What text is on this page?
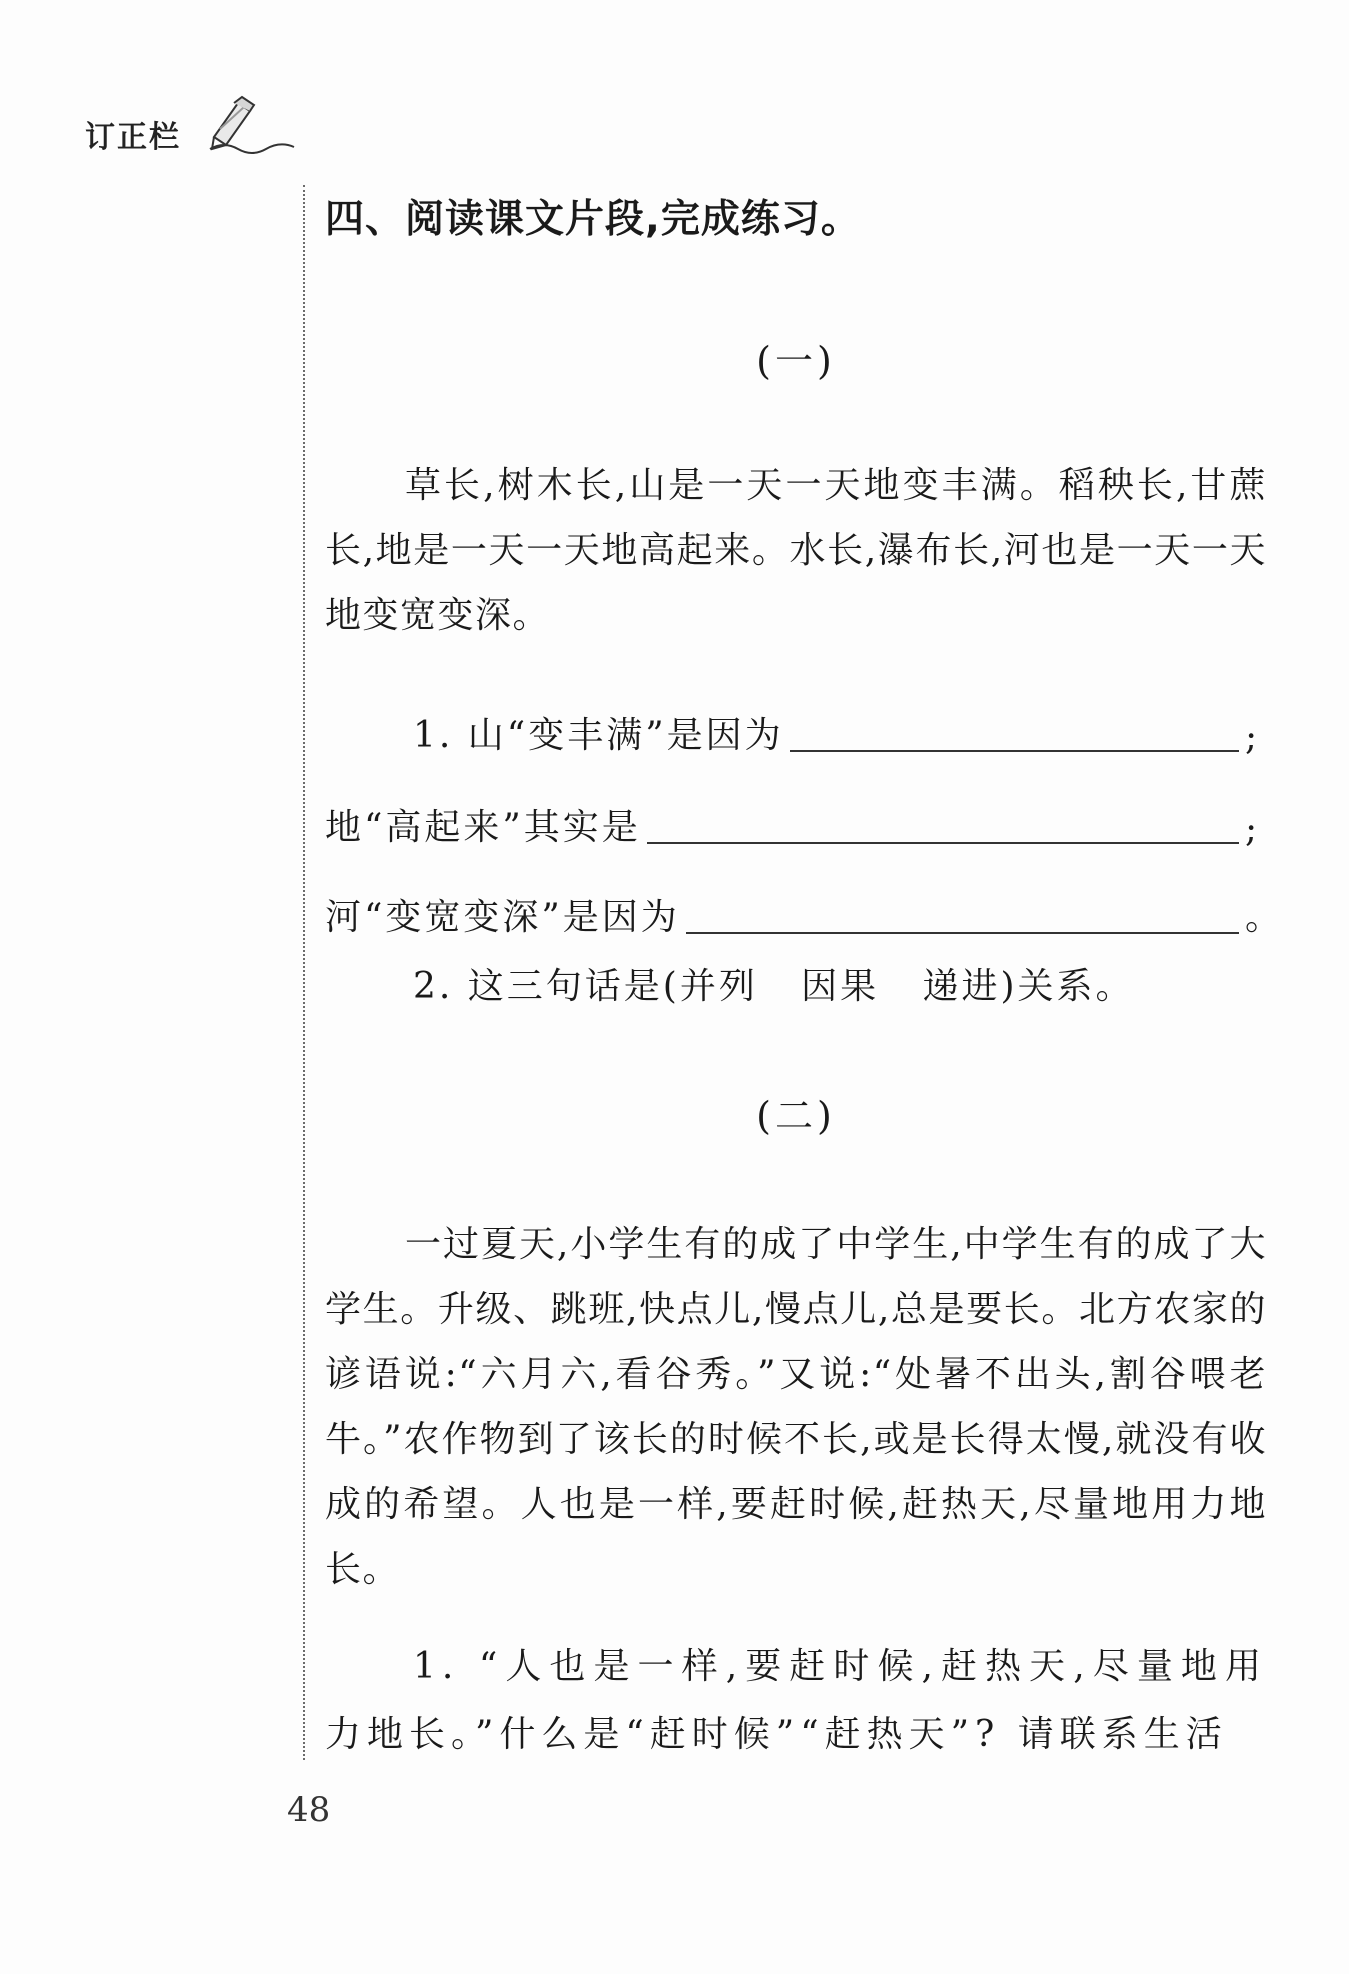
订正栏
四、阅读课文片段,完成练习。
(一)

草长,树木长,山是一天一天地变丰满。稻秧长,甘蔗长,地是一天一天地高起来。水长,瀑布长,河也是一天一天地变宽变深。

1. 山“变丰满”是因为	;
地“高起来”其实是	;
河“变宽变深”是因为	。
2. 这三句话是(并列   因果   递进)关系。
(二)

一过夏天,小学生有的成了中学生,中学生有的成了大学生。升级、跳班,快点儿,慢点儿,总是要长。北方农家的谚语说:“六月六,看谷秀。”又说:“处暑不出头,割谷喂老牛。”农作物到了该长的时候不长,或是长得太慢,就没有收成的希望。人也是一样,要赶时候,赶热天,尽量地用力地长。

1. “人也是一样,要赶时候,赶热天,尽量地用力地长。”什么是“赶时候”“赶热天”? 请联系生活

48
